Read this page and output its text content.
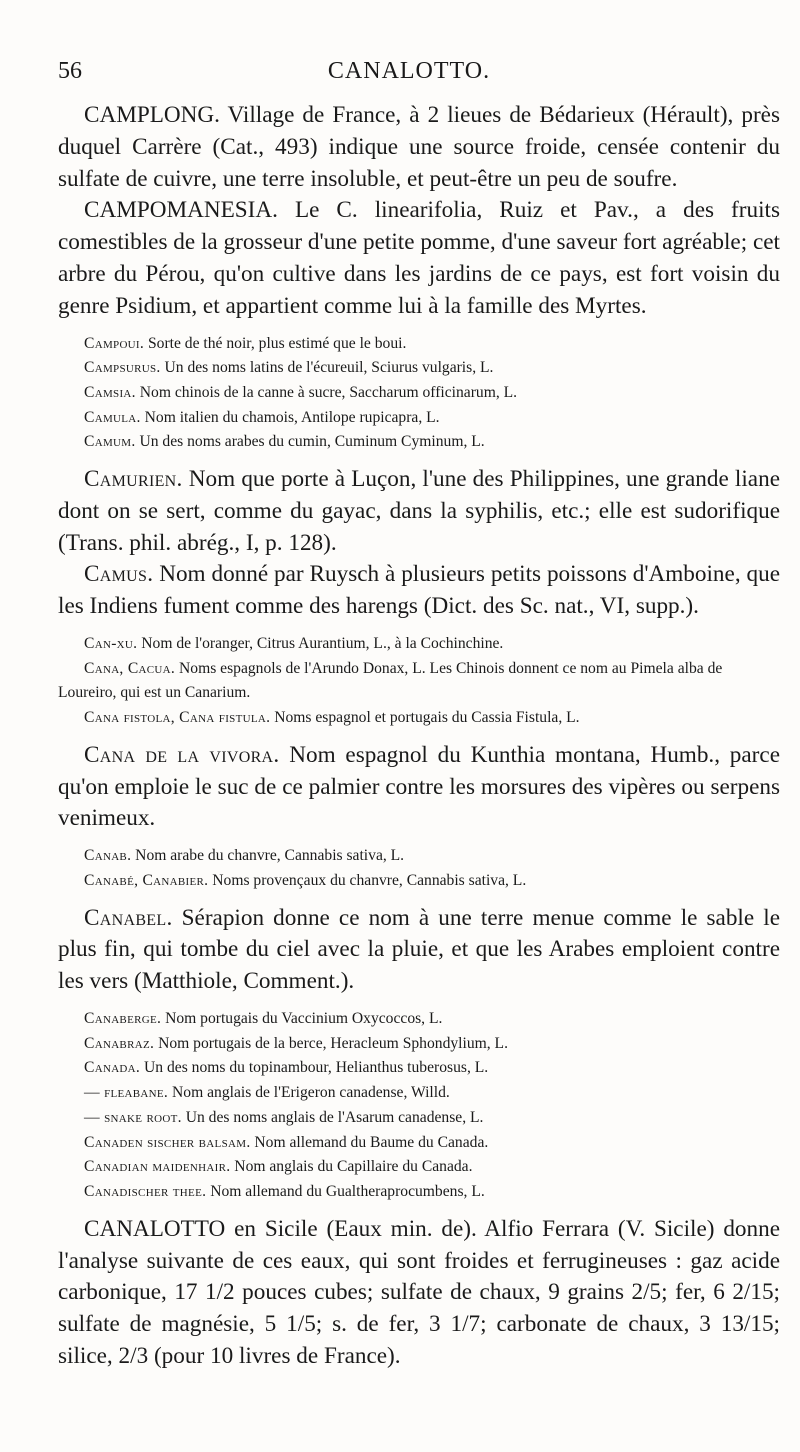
56	CANALOTTO.

CAMPLONG. Village de France, à 2 lieues de Bédarieux (Hérault), près duquel Carrère (Cat., 493) indique une source froide, censée contenir du sulfate de cuivre, une terre insoluble, et peut-être un peu de soufre.

CAMPOMANESIA. Le C. linearifolia, Ruiz et Pav., a des fruits comestibles de la grosseur d'une petite pomme, d'une saveur fort agréable; cet arbre du Pérou, qu'on cultive dans les jardins de ce pays, est fort voisin du genre Psidium, et appartient comme lui à la famille des Myrtes.

Campoui. Sorte de thé noir, plus estimé que le boui.

Campsurus. Un des noms latins de l'écureuil, Sciurus vulgaris, L.

Camsia. Nom chinois de la canne à sucre, Saccharum officinarum, L.

Camula. Nom italien du chamois, Antilope rupicapra, L.

Camum. Un des noms arabes du cumin, Cuminum Cyminum, L.

Camurien. Nom que porte à Luçon, l'une des Philippines, une grande liane dont on se sert, comme du gayac, dans la syphilis, etc.; elle est sudorifique (Trans. phil. abrég., I, p. 128).

Camus. Nom donné par Ruysch à plusieurs petits poissons d'Amboine, que les Indiens fument comme des harengs (Dict. des Sc. nat., VI, supp.).

Can-xu. Nom de l'oranger, Citrus Aurantium, L., à la Cochinchine.

Cana, Cacua. Noms espagnols de l'Arundo Donax, L. Les Chinois donnent ce nom au Pimela alba de Loureiro, qui est un Canarium.

Cana fistola, Cana fistula. Noms espagnol et portugais du Cassia Fistula, L.

Cana de la vivora. Nom espagnol du Kunthia montana, Humb., parce qu'on emploie le suc de ce palmier contre les morsures des vipères ou serpens venimeux.

Canab. Nom arabe du chanvre, Cannabis sativa, L.

Canabé, Canabier. Noms provençaux du chanvre, Cannabis sativa, L.

Canabel. Sérapion donne ce nom à une terre menue comme le sable le plus fin, qui tombe du ciel avec la pluie, et que les Arabes emploient contre les vers (Matthiole, Comment.).

Canaberge. Nom portugais du Vaccinium Oxycoccos, L.

Canabraz. Nom portugais de la berce, Heracleum Sphondylium, L.

Canada. Un des noms du topinambour, Helianthus tuberosus, L.

— fleabane. Nom anglais de l'Erigeron canadense, Willd.

— snake root. Un des noms anglais de l'Asarum canadense, L.

Canaden sischer balsam. Nom allemand du Baume du Canada.

Canadian maidenhair. Nom anglais du Capillaire du Canada.

Canadischer thee. Nom allemand du Gualtheraprocumbens, L.

CANALOTTO en Sicile (Eaux min. de). Alfio Ferrara (V. Sicile) donne l'analyse suivante de ces eaux, qui sont froides et ferrugineuses : gaz acide carbonique, 17 1/2 pouces cubes; sulfate de chaux, 9 grains 2/5; fer, 6 2/15; sulfate de magnésie, 5 1/5; s. de fer, 3 1/7; carbonate de chaux, 3 13/15; silice, 2/3 (pour 10 livres de France).
